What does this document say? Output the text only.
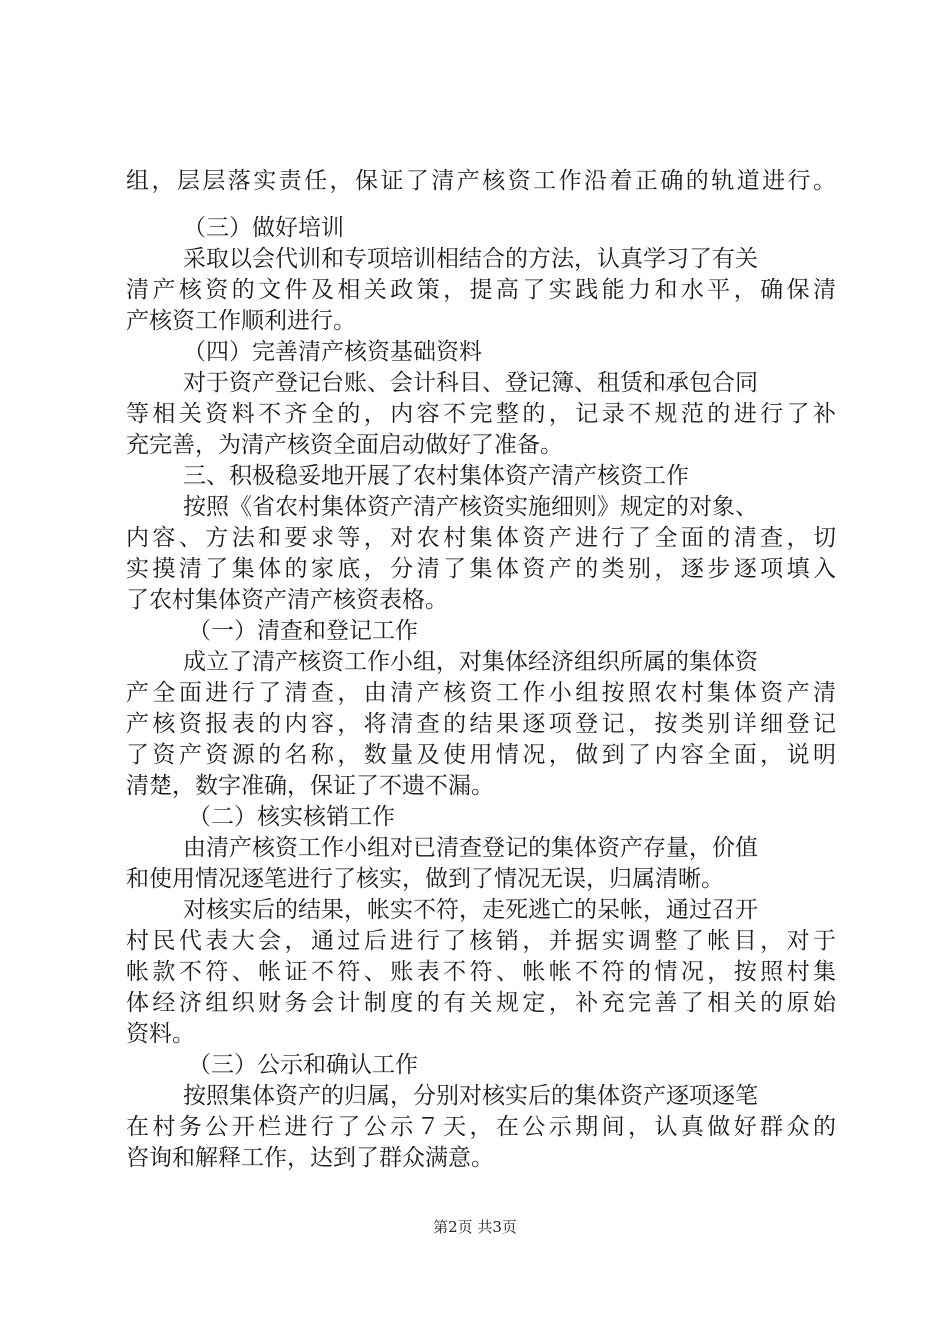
组，层层落实责任，保证了清产核资工作沿着正确的轨道进行。
（三）做好培训
采取以会代训和专项培训相结合的方法，认真学习了有关
清产核资的文件及相关政策，提高了实践能力和水平，确保清
产核资工作顺利进行。
（四）完善清产核资基础资料
对于资产登记台账、会计科目、登记簿、租赁和承包合同
等相关资料不齐全的，内容不完整的，记录不规范的进行了补
充完善，为清产核资全面启动做好了准备。
三、积极稳妥地开展了农村集体资产清产核资工作
按照《省农村集体资产清产核资实施细则》规定的对象、
内容、方法和要求等，对农村集体资产进行了全面的清查，切
实摸清了集体的家底，分清了集体资产的类别，逐步逐项填入
了农村集体资产清产核资表格。
（一）清查和登记工作
成立了清产核资工作小组，对集体经济组织所属的集体资
产全面进行了清查，由清产核资工作小组按照农村集体资产清
产核资报表的内容，将清查的结果逐项登记，按类别详细登记
了资产资源的名称，数量及使用情况，做到了内容全面，说明
清楚，数字准确，保证了不遗不漏。
（二）核实核销工作
由清产核资工作小组对已清查登记的集体资产存量，价值
和使用情况逐笔进行了核实，做到了情况无误，归属清晰。
对核实后的结果，帐实不符，走死逃亡的呆帐，通过召开
村民代表大会，通过后进行了核销，并据实调整了帐目，对于
帐款不符、帐证不符、账表不符、帐帐不符的情况，按照村集
体经济组织财务会计制度的有关规定，补充完善了相关的原始
资料。
（三）公示和确认工作
按照集体资产的归属，分别对核实后的集体资产逐项逐笔
在村务公开栏进行了公示７天，在公示期间，认真做好群众的
咨询和解释工作，达到了群众满意。
第2页 共3页
